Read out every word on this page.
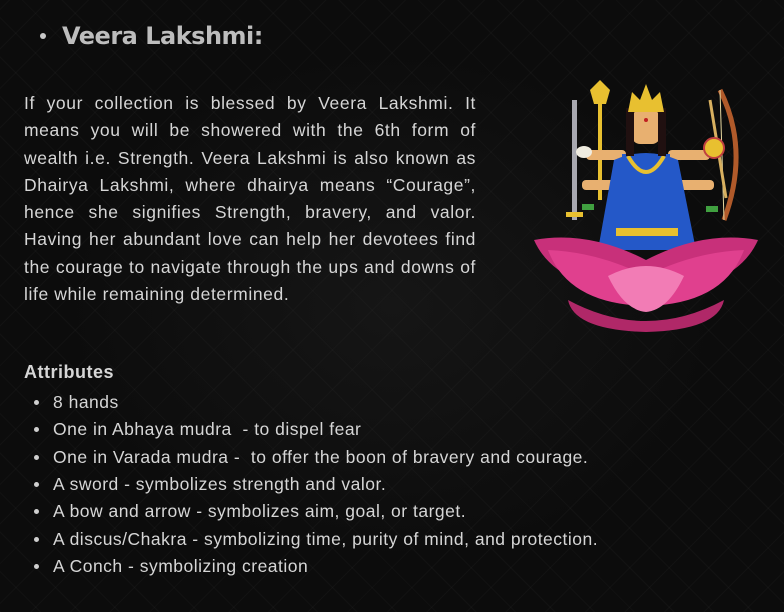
Veera Lakshmi:

If your collection is blessed by Veera Lakshmi. It means you will be showered with the 6th form of wealth i.e. Strength. Veera Lakshmi is also known as Dhairya Lakshmi, where dhairya means “Courage”, hence she signifies Strength, bravery, and valor. Having her abundant love can help her devotees find the courage to navigate through the ups and downs of life while remaining determined.

Attributes
8 hands
One in Abhaya mudra  - to dispel fear
One in Varada mudra -  to offer the boon of bravery and courage.
A sword - symbolizes strength and valor.
A bow and arrow - symbolizes aim, goal, or target.
A discus/Chakra - symbolizing time, purity of mind, and protection.
A Conch - symbolizing creation
